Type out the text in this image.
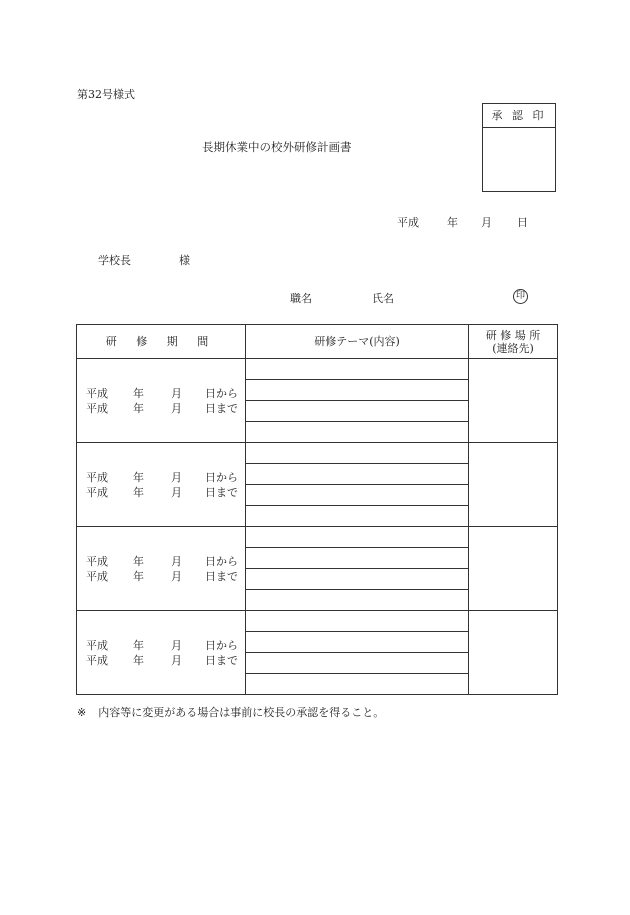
第32号様式
承 認 印
長期休業中の校外研修計画書
平成	年 月 日
学校長	様
職名	氏名	印
研 修 期 間	研修テーマ(内容)	研 修 場 所
(連絡先)

平成 年 月 日から
平成 年 月 日まで		

平成 年 月 日から
平成 年 月 日まで		

平成 年 月 日から
平成 年 月 日まで		

平成 年 月 日から
平成 年 月 日まで		

※ 内容等に変更がある場合は事前に校長の承認を得ること。
